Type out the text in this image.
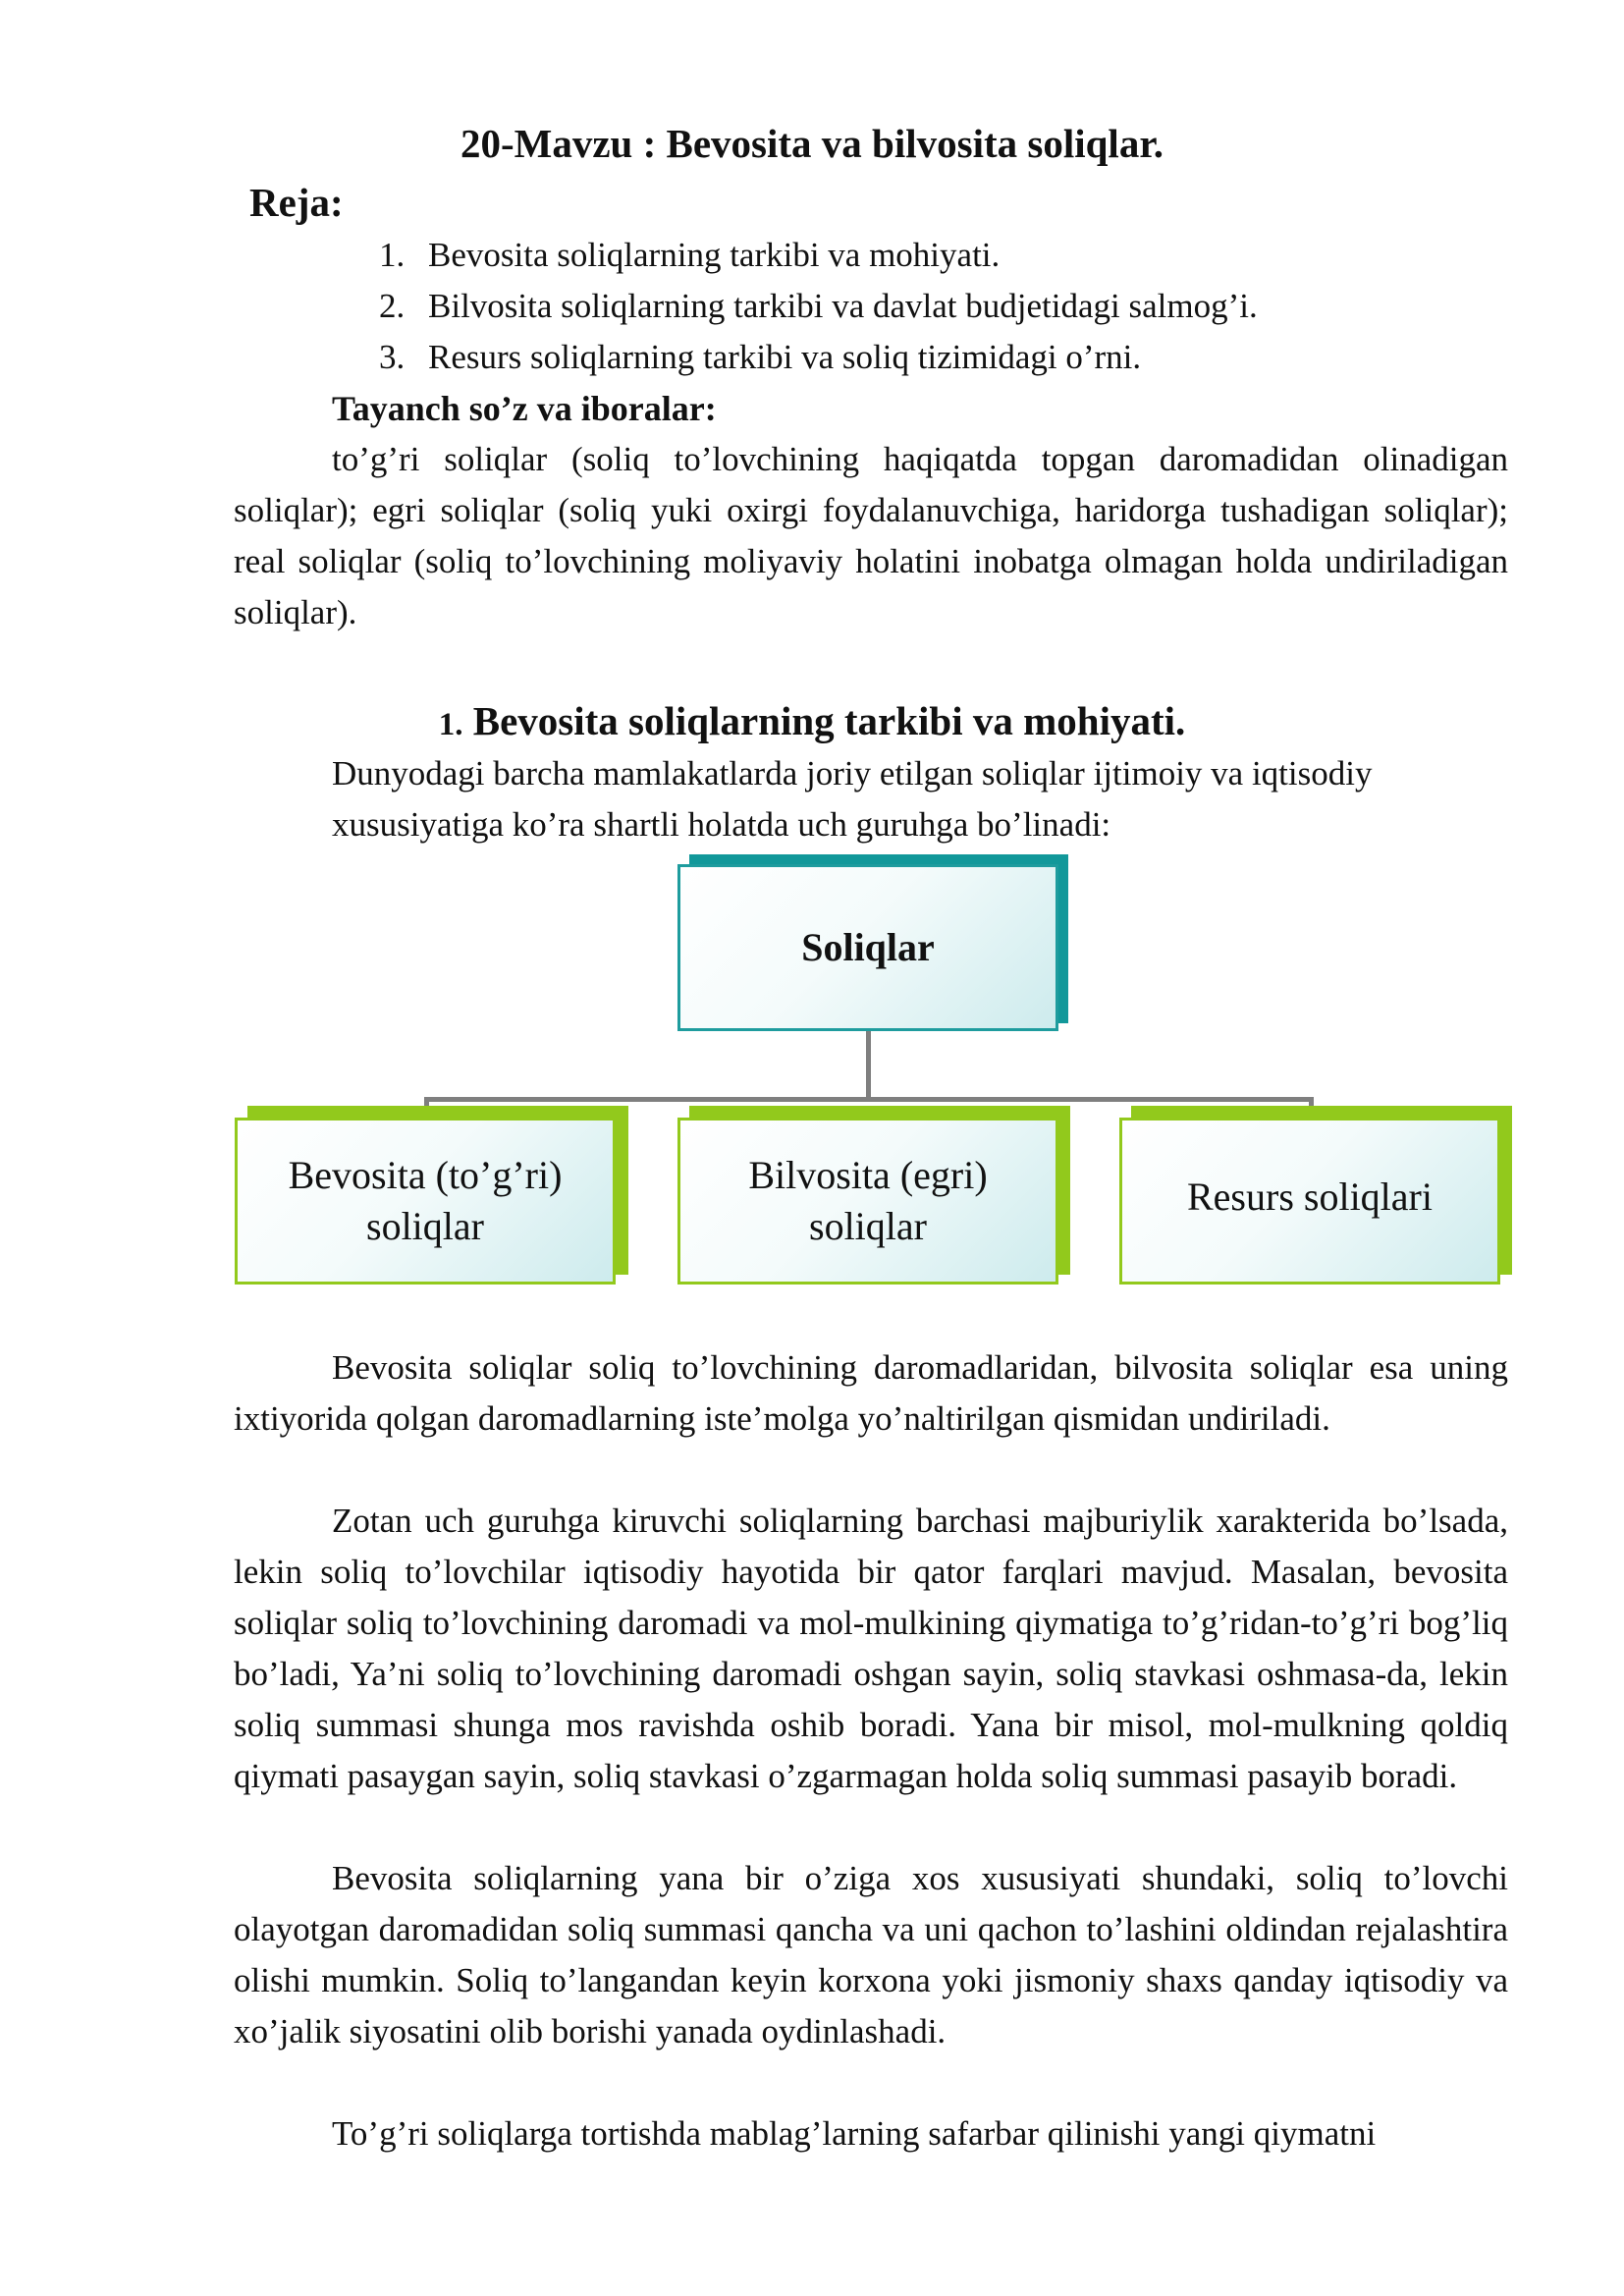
20-Mavzu : Bevosita va bilvosita soliqlar.
Reja:
1. Bevosita soliqlarning tarkibi va mohiyati.
2. Bilvosita soliqlarning tarkibi va davlat budjetidagi salmog’i.
3. Resurs soliqlarning tarkibi va soliq tizimidagi o’rni.
Tayanch so’z va iboralar:

to’g’ri soliqlar (soliq to’lovchining haqiqatda topgan daromadidan olinadigan soliqlar); egri soliqlar (soliq yuki oxirgi foydalanuvchiga, haridorga tushadigan soliqlar); real soliqlar (soliq to’lovchining moliyaviy holatini inobatga olmagan holda undiriladigan soliqlar).

1. Bevosita soliqlarning tarkibi va mohiyati.

Dunyodagi barcha mamlakatlarda joriy etilgan soliqlar ijtimoiy va iqtisodiy xususiyatiga ko’ra shartli holatda uch guruhga bo’linadi:

Soliqlar
Bevosita (to’g’ri)
soliqlar
Bilvosita (egri)
soliqlar
Resurs soliqlari

Bevosita soliqlar soliq to’lovchining daromadlaridan, bilvosita soliqlar esa uning ixtiyorida qolgan daromadlarning iste’molga yo’naltirilgan qismidan undiriladi.

Zotan uch guruhga kiruvchi soliqlarning barchasi majburiylik xarakterida bo’lsada, lekin soliq to’lovchilar iqtisodiy hayotida bir qator farqlari mavjud. Masalan, bevosita soliqlar soliq to’lovchining daromadi va mol-mulkining qiymatiga to’g’ridan-to’g’ri bog’liq bo’ladi, Ya’ni soliq to’lovchining daromadi oshgan sayin, soliq stavkasi oshmasa-da, lekin soliq summasi shunga mos ravishda oshib boradi. Yana bir misol, mol-mulkning qoldiq qiymati pasaygan sayin, soliq stavkasi o’zgarmagan holda soliq summasi pasayib boradi.

Bevosita soliqlarning yana bir o’ziga xos xususiyati shundaki, soliq to’lovchi olayotgan daromadidan soliq summasi qancha va uni qachon to’lashini oldindan rejalashtira olishi mumkin. Soliq to’langandan keyin korxona yoki jismoniy shaxs qanday iqtisodiy va xo’jalik siyosatini olib borishi yanada oydinlashadi.

To’g’ri soliqlarga tortishda mablag’larning safarbar qilinishi yangi qiymatni
